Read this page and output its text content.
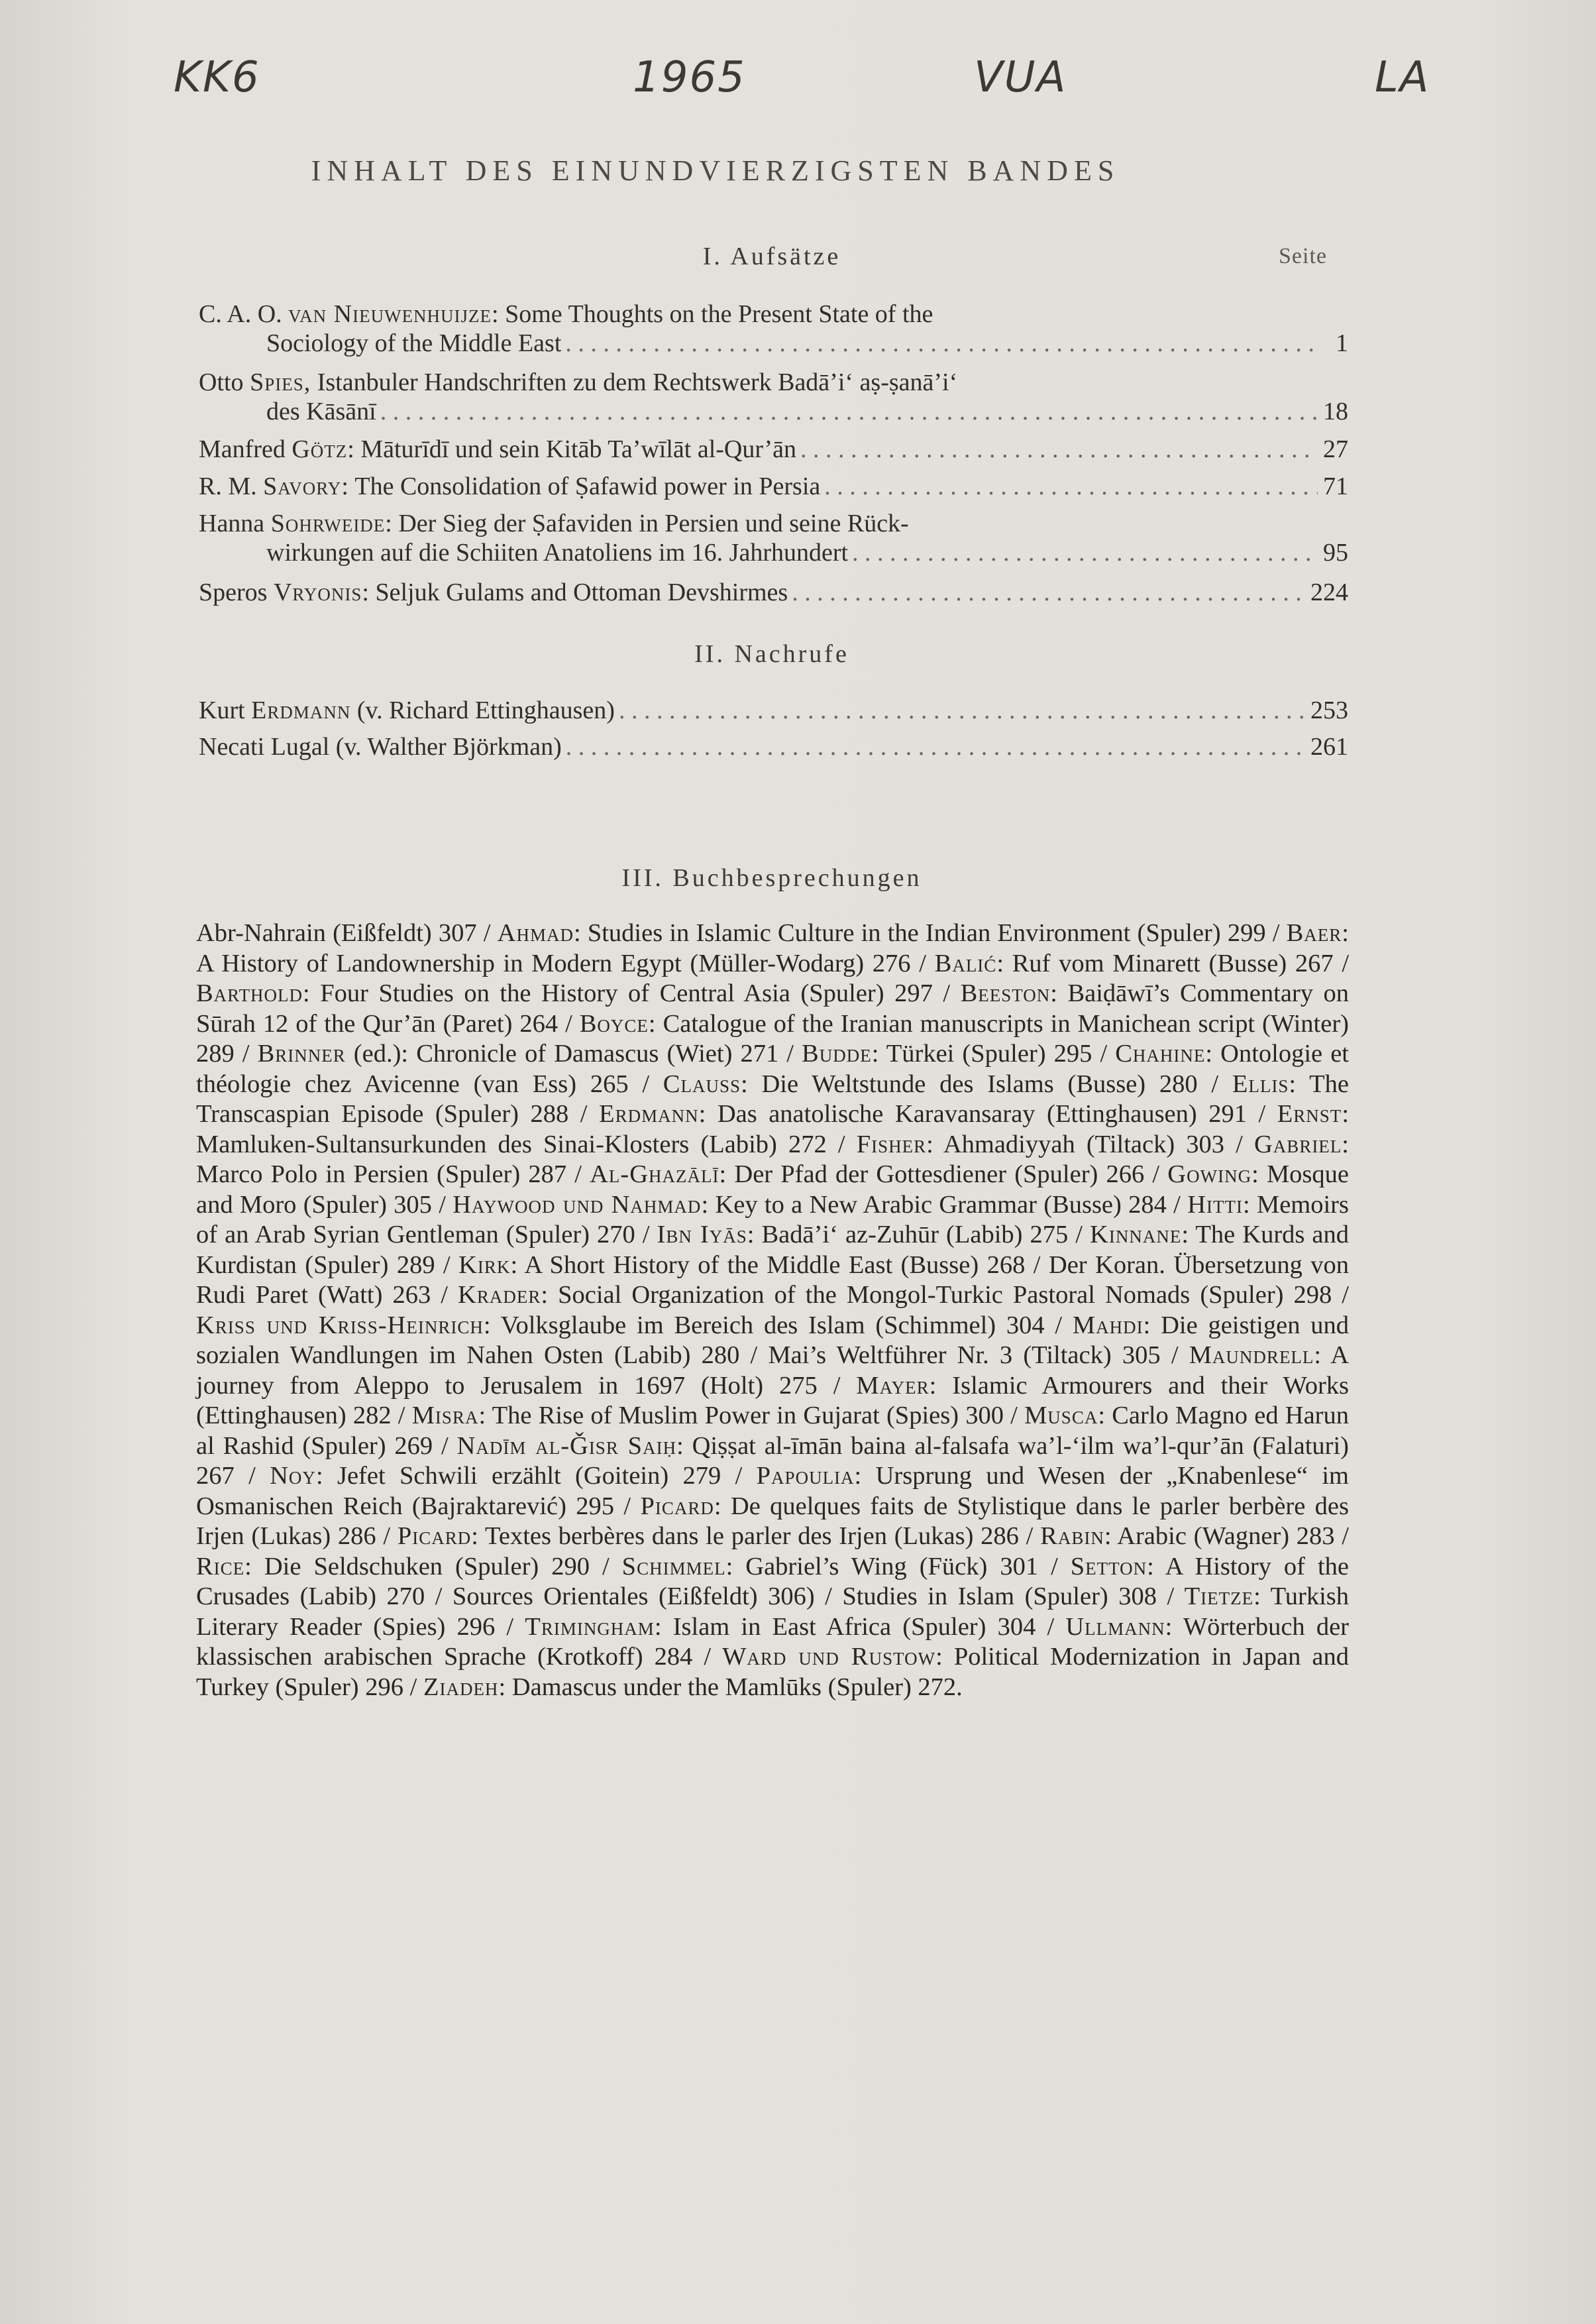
KK6	1965	VUA	LA
INHALT DES EINUNDVIERZIGSTEN BANDES
I. Aufsätze	Seite
C. A. O.
van Nieuwenhuijze : Some Thoughts on the Present State of the
Sociology of the Middle East . . .	1
Otto
Spies,
Istanbuler Handschriften zu dem Rechtswerk Badā’i‘ aṣ-ṣanā’i‘
des Kāsānī . . .	18
Manfred
Götz : Māturīdī und sein Kitāb Ta’wīlāt al-Qur’ān . . .	27
R. M.
Savory : The Consolidation of Ṣafawid power in Persia . . .	71
Hanna
Sohrweide : Der Sieg der Ṣafaviden in Persien und seine Rück-
wirkungen auf die Schiiten Anatoliens im 16. Jahrhundert . . .	95
Speros
Vryonis : Seljuk Gulams and Ottoman Devshirmes . . .	224
II. Nachrufe
Kurt
Erdmann
(v. Richard Ettinghausen) . . .	253
Necati
Lugal
(v. Walther Björkman) . . .	261
III. Buchbesprechungen
Abr-Nahrain (Eißfeldt) 307 / Ahmad: Studies in Islamic Culture in the Indian Environment (Spuler) 299 / Baer: A History of Landownership in Modern Egypt (Müller-Wodarg) 276 / Balić: Ruf vom Minarett (Busse) 267 / Barthold: Four Studies on the History of Central Asia (Spuler) 297 / Beeston: Baiḍāwī’s Commentary on Sūrah 12 of the Qur’ān (Paret) 264 / Boyce: Catalogue of the Iranian manuscripts in Manichean script (Winter) 289 / Brinner (ed.): Chronicle of Damascus (Wiet) 271 / Budde: Türkei (Spuler) 295 / Chahine: Ontologie et théologie chez Avicenne (van Ess) 265 / Clauss: Die Weltstunde des Islams (Busse) 280 / Ellis: The Transcaspian Episode (Spuler) 288 / Erdmann: Das anatolische Karavansaray (Ettinghausen) 291 / Ernst: Mamluken-Sultansurkunden des Sinai-Klosters (Labib) 272 / Fisher: Ahmadiyyah (Tiltack) 303 / Gabriel: Marco Polo in Persien (Spuler) 287 / Al-Ghazālī: Der Pfad der Gottesdiener (Spuler) 266 / Gowing: Mosque and Moro (Spuler) 305 / Haywood und Nahmad: Key to a New Arabic Grammar (Busse) 284 / Hitti: Memoirs of an Arab Syrian Gentleman (Spuler) 270 / Ibn Iyās: Badā’i‘ az-Zuhūr (Labib) 275 / Kinnane: The Kurds and Kurdistan (Spuler) 289 / Kirk: A Short History of the Middle East (Busse) 268 / Der Koran. Übersetzung von Rudi Paret (Watt) 263 / Krader: Social Organization of the Mongol-Turkic Pastoral Nomads (Spuler) 298 / Kriss und Kriss-Heinrich: Volksglaube im Bereich des Islam (Schimmel) 304 / Mahdi: Die geistigen und sozialen Wandlungen im Nahen Osten (Labib) 280 / Mai’s Weltführer Nr. 3 (Tiltack) 305 / Maundrell: A journey from Aleppo to Jerusalem in 1697 (Holt) 275 / Mayer: Islamic Armourers and their Works (Ettinghausen) 282 / Misra: The Rise of Muslim Power in Gujarat (Spies) 300 / Musca: Carlo Magno ed Harun al Rashid (Spuler) 269 / Nadīm al-Ǧisr Saiḥ: Qiṣṣat al-īmān baina al-falsafa wa’l-‘ilm wa’l-qur’ān (Falaturi) 267 / Noy: Jefet Schwili erzählt (Goitein) 279 / Papoulia: Ursprung und Wesen der „Knabenlese“ im Osmanischen Reich (Bajraktarević) 295 / Picard: De quelques faits de Stylistique dans le parler berbère des Irjen (Lukas) 286 / Picard: Textes berbères dans le parler des Irjen (Lukas) 286 / Rabin: Arabic (Wagner) 283 / Rice: Die Seldschuken (Spuler) 290 / Schimmel: Gabriel’s Wing (Fück) 301 / Setton: A History of the Crusades (Labib) 270 / Sources Orientales (Eißfeldt) 306) / Studies in Islam (Spuler) 308 / Tietze: Turkish Literary Reader (Spies) 296 / Trimingham: Islam in East Africa (Spuler) 304 / Ullmann: Wörterbuch der klassischen arabischen Sprache (Krotkoff) 284 / Ward und Rustow: Political Modernization in Japan and Turkey (Spuler) 296 / Ziadeh: Damascus under the Mamlūks (Spuler) 272.
